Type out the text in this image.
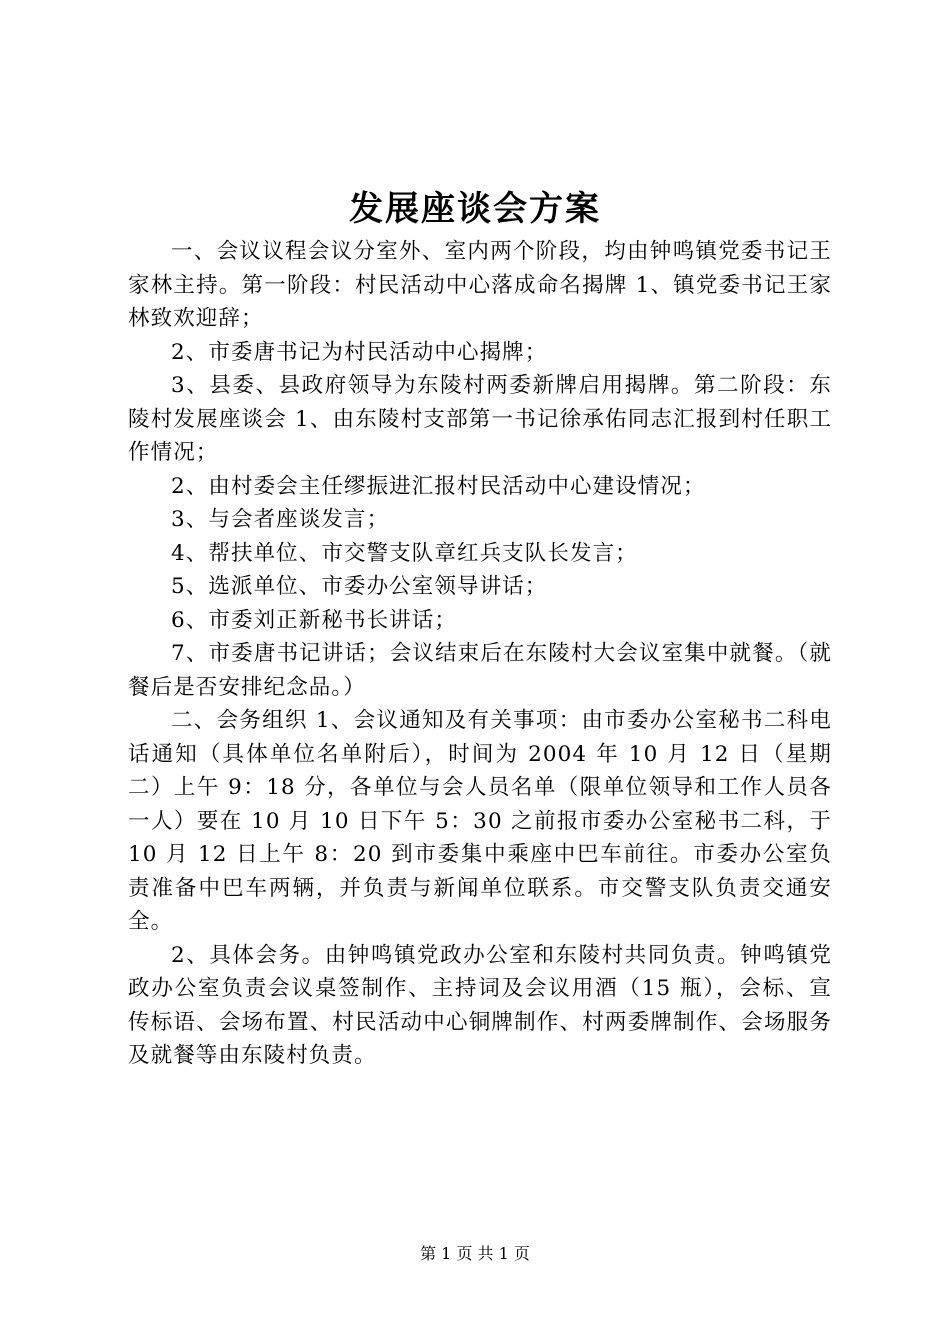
发展座谈会方案

一、会议议程会议分室外、室内两个阶段，均由钟鸣镇党委书记王家林主持。第一阶段：村民活动中心落成命名揭牌 1、镇党委书记王家林致欢迎辞；

2、市委唐书记为村民活动中心揭牌；

3、县委、县政府领导为东陵村两委新牌启用揭牌。第二阶段：东陵村发展座谈会 1、由东陵村支部第一书记徐承佑同志汇报到村任职工作情况；

2、由村委会主任缪振进汇报村民活动中心建设情况；

3、与会者座谈发言；

4、帮扶单位、市交警支队章红兵支队长发言；

5、选派单位、市委办公室领导讲话；

6、市委刘正新秘书长讲话；

7、市委唐书记讲话；会议结束后在东陵村大会议室集中就餐。（就餐后是否安排纪念品。）

二、会务组织 1、会议通知及有关事项：由市委办公室秘书二科电话通知（具体单位名单附后），时间为 2004 年 10 月 12 日（星期二）上午 9：18 分，各单位与会人员名单（限单位领导和工作人员各一人）要在 10 月 10 日下午 5：30 之前报市委办公室秘书二科，于 10 月 12 日上午 8：20 到市委集中乘座中巴车前往。市委办公室负责准备中巴车两辆，并负责与新闻单位联系。市交警支队负责交通安全。

2、具体会务。由钟鸣镇党政办公室和东陵村共同负责。钟鸣镇党政办公室负责会议桌签制作、主持词及会议用酒（15 瓶），会标、宣传标语、会场布置、村民活动中心铜牌制作、村两委牌制作、会场服务及就餐等由东陵村负责。

第 1 页 共 1 页
